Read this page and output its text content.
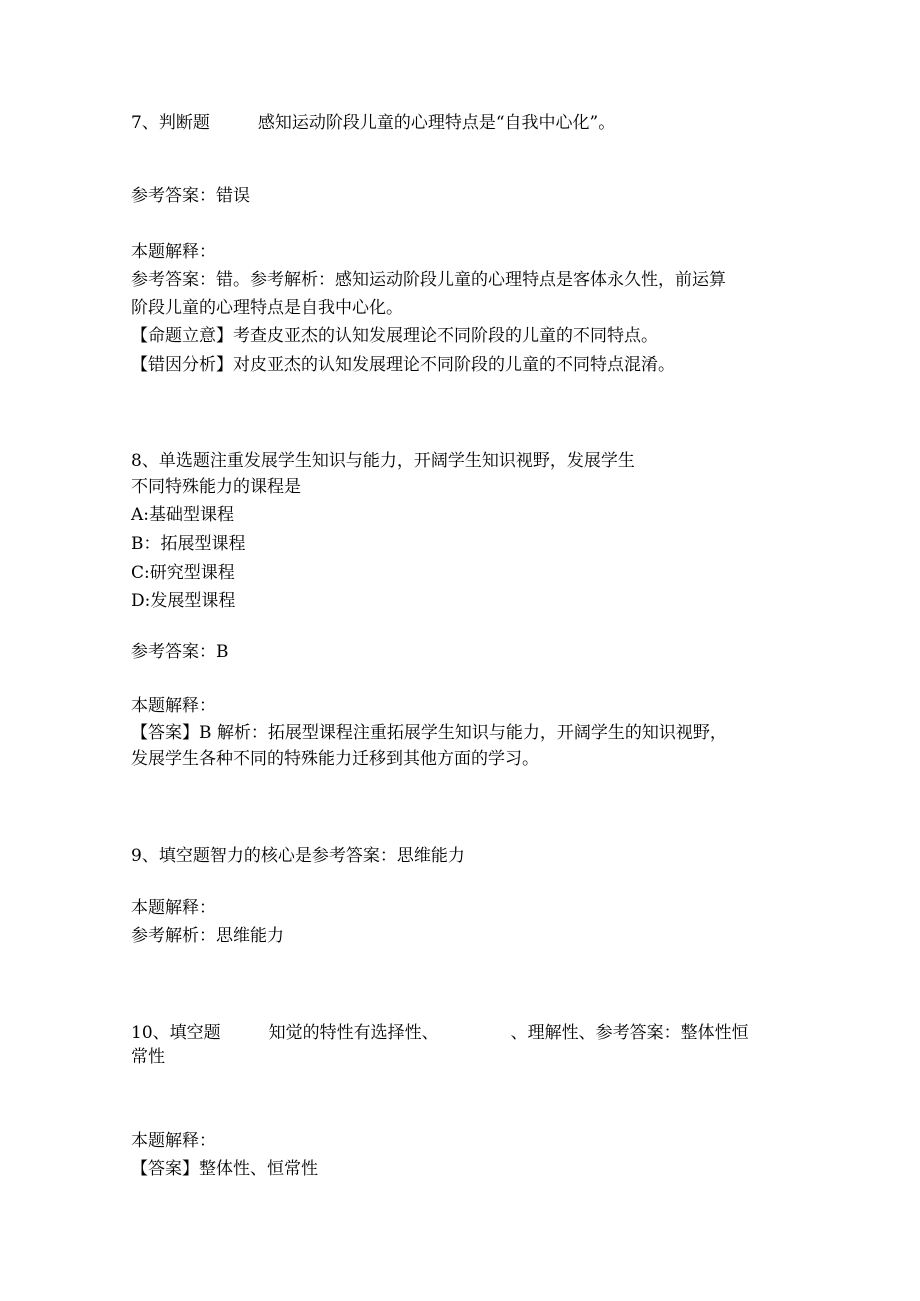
7、判断题	感知运动阶段儿童的心理特点是“自我中心化”。
参考答案：错误
本题解释：
参考答案：错。参考解析：感知运动阶段儿童的心理特点是客体永久性，前运算
阶段儿童的心理特点是自我中心化。
【命题立意】考查皮亚杰的认知发展理论不同阶段的儿童的不同特点。
【错因分析】对皮亚杰的认知发展理论不同阶段的儿童的不同特点混淆。
8、单选题注重发展学生知识与能力，开阔学生知识视野，发展学生
不同特殊能力的课程是
A:基础型课程
B：拓展型课程
C:研究型课程
D:发展型课程
参考答案：B
本题解释：
【答案】B 解析：拓展型课程注重拓展学生知识与能力，开阔学生的知识视野，
发展学生各种不同的特殊能力迁移到其他方面的学习。
9、填空题智力的核心是参考答案：思维能力
本题解释：
参考解析：思维能力
10、填空题	知觉的特性有选择性、	、理解性、参考答案：整体性恒
常性
本题解释：
【答案】整体性、恒常性
